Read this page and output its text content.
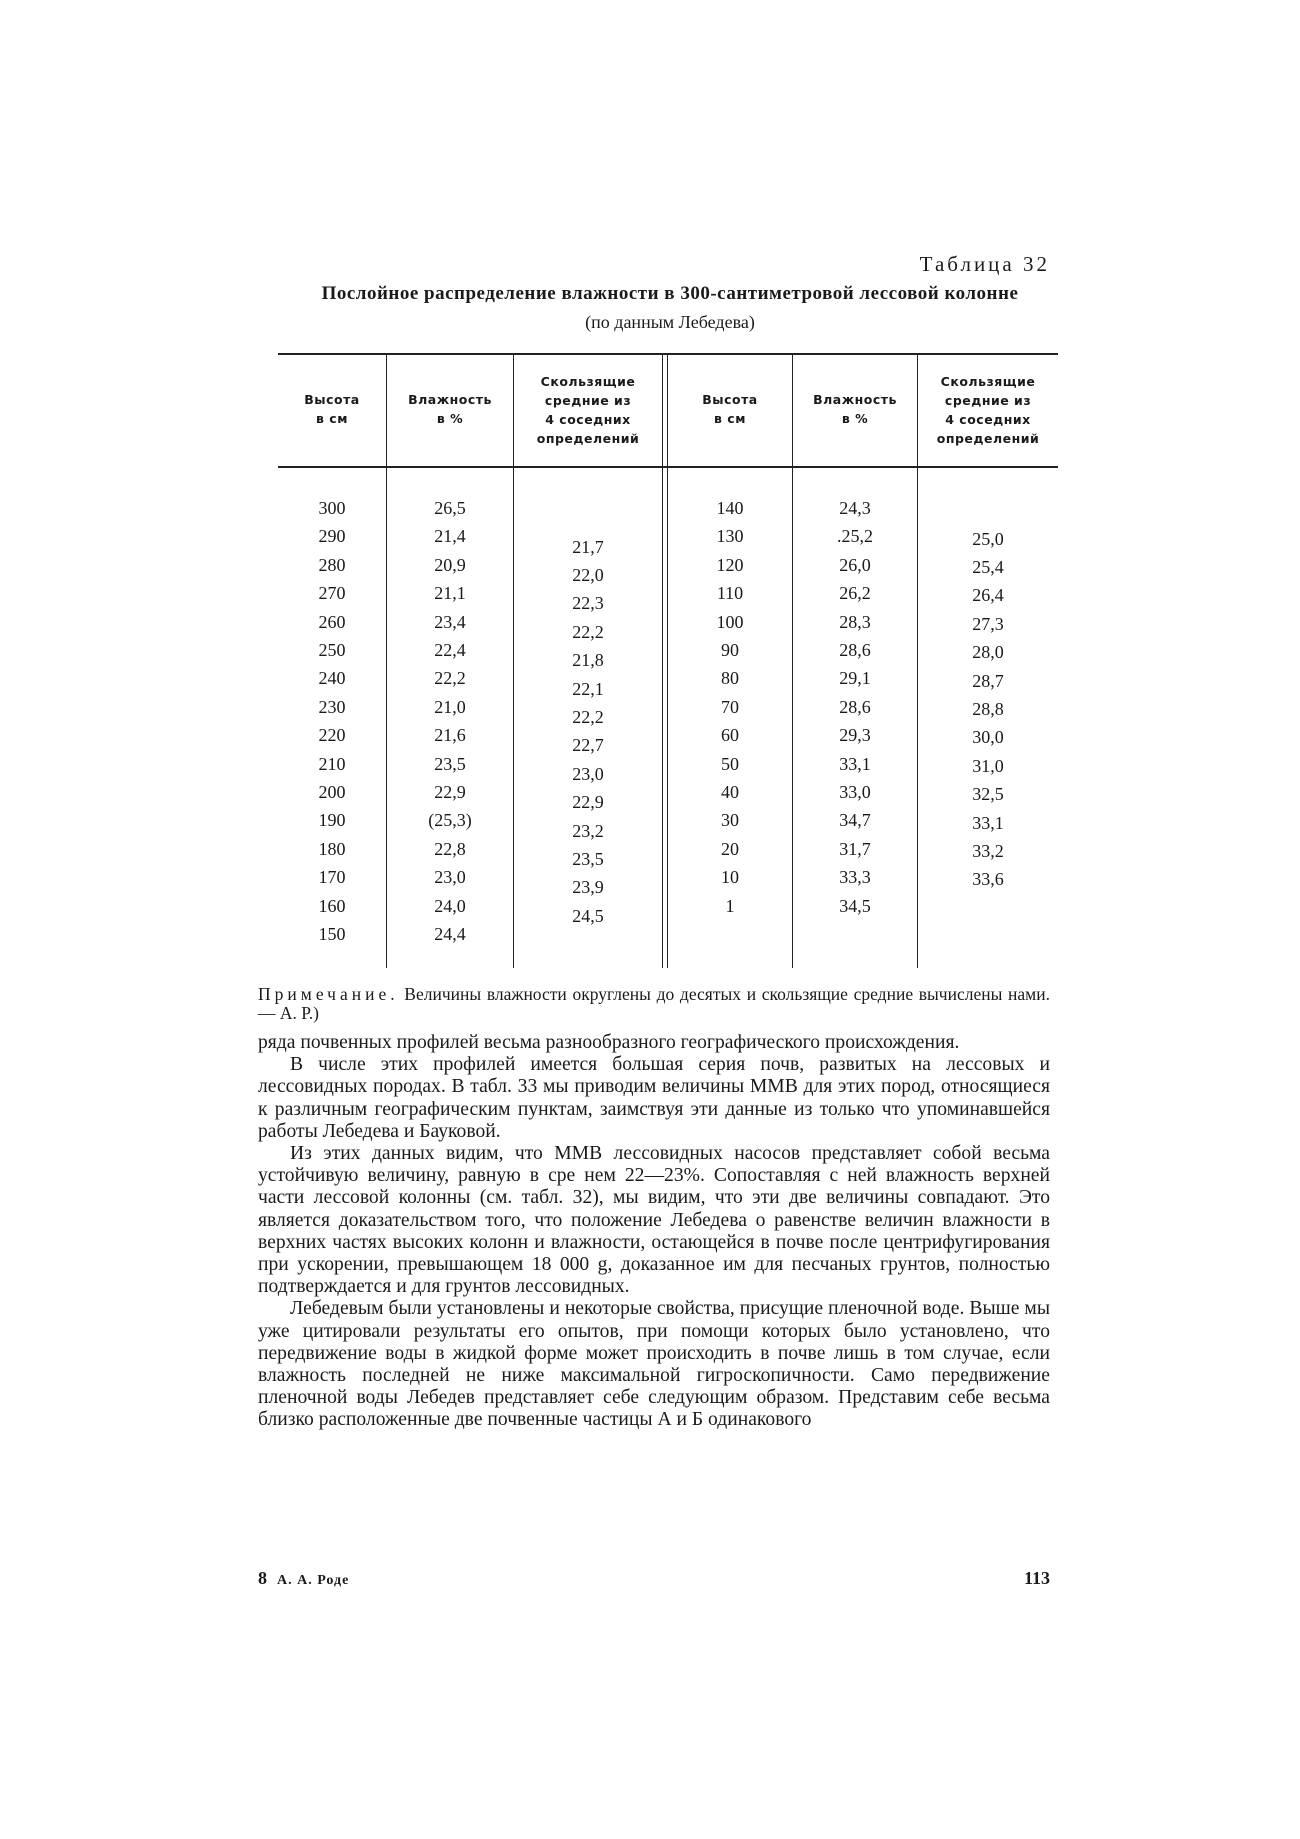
Таблица 32
Послойное распределение влажности в 300-сантиметровой лессовой колонне
(по данным Лебедева)
Высота
в см
Влажность
в %
Скользящие
средние из
4 соседних
определений
Высота
в см
Влажность
в %
Скользящие
средние из
4 соседних
определений
300
290
280
270
260
250
240
230
220
210
200
190
180
170
160
150
26,5
21,4
20,9
21,1
23,4
22,4
22,2
21,0
21,6
23,5
22,9
(25,3)
22,8
23,0
24,0
24,4
21,7
22,0
22,3
22,2
21,8
22,1
22,2
22,7
23,0
22,9
23,2
23,5
23,9
24,5
140
130
120
110
100
90
80
70
60
50
40
30
20
10
1
24,3
.25,2
26,0
26,2
28,3
28,6
29,1
28,6
29,3
33,1
33,0
34,7
31,7
33,3
34,5
25,0
25,4
26,4
27,3
28,0
28,7
28,8
30,0
31,0
32,5
33,1
33,2
33,6
Примечание. Величины влажности округлены до десятых и скользящие средние вычислены нами.— А. Р.)

ряда почвенных профилей весьма разнообразного географического происхождения.

В числе этих профилей имеется большая серия почв, развитых на лессовых и лессовидных породах. В табл. 33 мы приводим величины ММВ для этих пород, относящиеся к различным географическим пунктам, заимствуя эти данные из только что упоминавшейся работы Лебедева и Бауковой.

Из этих данных видим, что ММВ лессовидных насосов представляет собой весьма устойчивую величину, равную в сре нем 22—23%. Сопоставляя с ней влажность верхней части лессовой колонны (см. табл. 32), мы видим, что эти две величины совпадают. Это является доказательством того, что положение Лебедева о равенстве величин влажности в верхних частях высоких колонн и влажности, остающейся в почве после центрифугирования при ускорении, превышающем 18 000 g, доказанное им для песчаных грунтов, полностью подтверждается и для грунтов лессовидных.

Лебедевым были установлены и некоторые свойства, присущие пленочной воде. Выше мы уже цитировали результаты его опытов, при помощи которых было установлено, что передвижение воды в жидкой форме может происходить в почве лишь в том случае, если влажность последней не ниже максимальной гигроскопичности. Само передвижение пленочной воды Лебедев представляет себе следующим образом. Представим себе весьма близко расположенные две почвенные частицы А и Б одинакового

8 А. А. Роде	113
